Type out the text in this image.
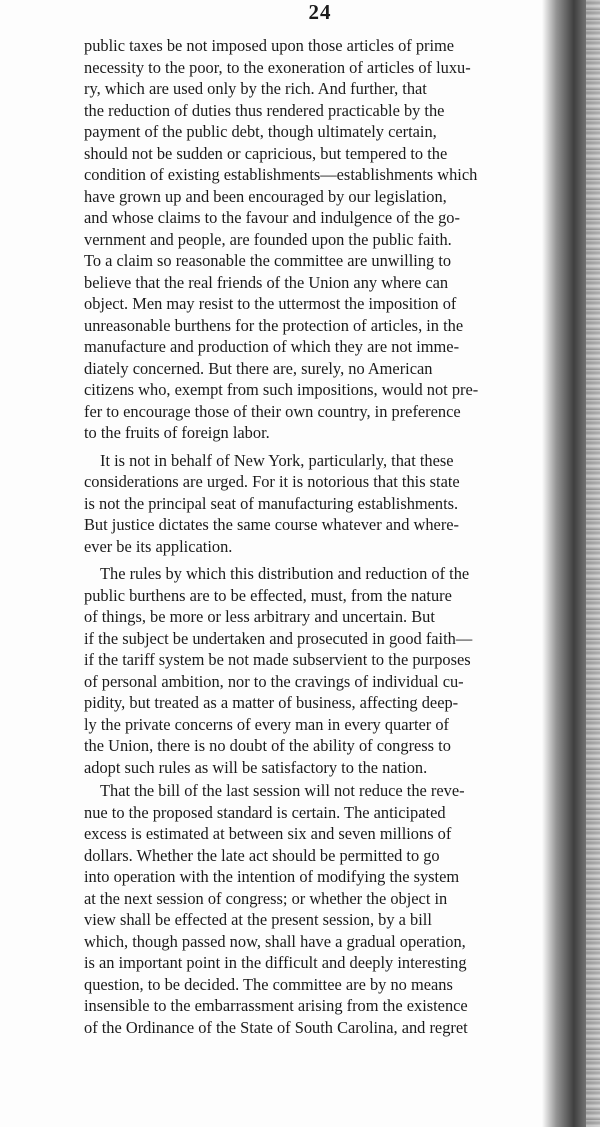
24
public taxes be not imposed upon those articles of prime
necessity to the poor, to the exoneration of articles of luxu-
ry, which are used only by the rich. And further, that
the reduction of duties thus rendered practicable by the
payment of the public debt, though ultimately certain,
should not be sudden or capricious, but tempered to the
condition of existing establishments—establishments which
have grown up and been encouraged by our legislation,
and whose claims to the favour and indulgence of the go-
vernment and people, are founded upon the public faith.
To a claim so reasonable the committee are unwilling to
believe that the real friends of the Union any where can
object. Men may resist to the uttermost the imposition of
unreasonable burthens for the protection of articles, in the
manufacture and production of which they are not imme-
diately concerned. But there are, surely, no American
citizens who, exempt from such impositions, would not pre-
fer to encourage those of their own country, in preference
to the fruits of foreign labor.
It is not in behalf of New York, particularly, that these
considerations are urged. For it is notorious that this state
is not the principal seat of manufacturing establishments.
But justice dictates the same course whatever and where-
ever be its application.
The rules by which this distribution and reduction of the
public burthens are to be effected, must, from the nature
of things, be more or less arbitrary and uncertain. But
if the subject be undertaken and prosecuted in good faith—
if the tariff system be not made subservient to the purposes
of personal ambition, nor to the cravings of individual cu-
pidity, but treated as a matter of business, affecting deep-
ly the private concerns of every man in every quarter of
the Union, there is no doubt of the ability of congress to
adopt such rules as will be satisfactory to the nation.
That the bill of the last session will not reduce the reve-
nue to the proposed standard is certain. The anticipated
excess is estimated at between six and seven millions of
dollars. Whether the late act should be permitted to go
into operation with the intention of modifying the system
at the next session of congress; or whether the object in
view shall be effected at the present session, by a bill
which, though passed now, shall have a gradual operation,
is an important point in the difficult and deeply interesting
question, to be decided. The committee are by no means
insensible to the embarrassment arising from the existence
of the Ordinance of the State of South Carolina, and regret
